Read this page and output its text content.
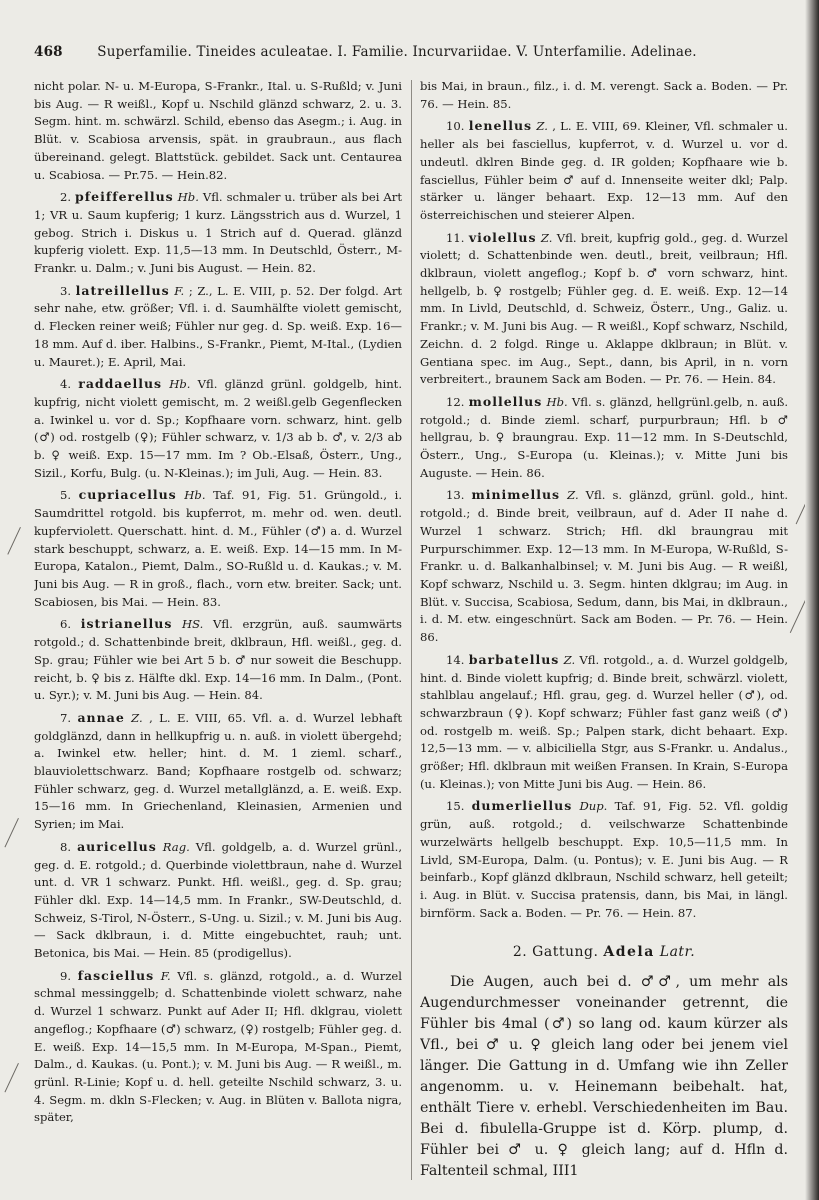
468	Superfamilie. Tineides aculeatae. I. Familie. Incurvariidae. V. Unterfamilie. Adelinae.

nicht polar. N- u. M-Europa, S-Frankr., Ital. u. S-Rußld; v. Juni bis Aug. — R weißl., Kopf u. Nschild glänzd schwarz, 2. u. 3. Segm. hint. m. schwärzl. Schild, ebenso das Asegm.; i. Aug. in Blüt. v. Scabiosa arvensis, spät. in graubraun., aus flach übereinand. gelegt. Blattstück. gebildet. Sack unt. Centaurea u. Scabiosa. — Pr.75. — Hein.82.

2. pfeifferellus Hb. Vfl. schmaler u. trüber als bei Art 1; VR u. Saum kupferig; 1 kurz. Längsstrich aus d. Wurzel, 1 gebog. Strich i. Diskus u. 1 Strich auf d. Querad. glänzd kupferig violett. Exp. 11,5—13 mm. In Deutschld, Österr., M-Frankr. u. Dalm.; v. Juni bis August. — Hein. 82.

3. latreillellus F. ; Z., L. E. VIII, p. 52. Der folgd. Art sehr nahe, etw. größer; Vfl. i. d. Saumhälfte violett gemischt, d. Flecken reiner weiß; Fühler nur geg. d. Sp. weiß. Exp. 16—18 mm. Auf d. iber. Halbins., S-Frankr., Piemt, M-Ital., (Lydien u. Mauret.); E. April, Mai.

4. raddaellus Hb. Vfl. glänzd grünl. goldgelb, hint. kupfrig, nicht violett gemischt, m. 2 weißl.gelb Gegenflecken a. Iwinkel u. vor d. Sp.; Kopfhaare vorn. schwarz, hint. gelb (♂) od. rostgelb (♀); Fühler schwarz, v. 1/3 ab b. ♂, v. 2/3 ab b. ♀ weiß. Exp. 15—17 mm. Im ? Ob.-Elsaß, Österr., Ung., Sizil., Korfu, Bulg. (u. N-Kleinas.); im Juli, Aug. — Hein. 83.

5. cupriacellus Hb. Taf. 91, Fig. 51. Grüngold., i. Saumdrittel rotgold. bis kupferrot, m. mehr od. wen. deutl. kupferviolett. Querschatt. hint. d. M., Fühler (♂) a. d. Wurzel stark beschuppt, schwarz, a. E. weiß. Exp. 14—15 mm. In M-Europa, Katalon., Piemt, Dalm., SO-Rußld u. d. Kaukas.; v. M. Juni bis Aug. — R in groß., flach., vorn etw. breiter. Sack; unt. Scabiosen, bis Mai. — Hein. 83.

6. istrianellus HS. Vfl. erzgrün, auß. saumwärts rotgold.; d. Schattenbinde breit, dklbraun, Hfl. weißl., geg. d. Sp. grau; Fühler wie bei Art 5 b. ♂ nur soweit die Beschupp. reicht, b. ♀ bis z. Hälfte dkl. Exp. 14—16 mm. In Dalm., (Pont. u. Syr.); v. M. Juni bis Aug. — Hein. 84.

7. annae Z. , L. E. VIII, 65. Vfl. a. d. Wurzel lebhaft goldglänzd, dann in hellkupfrig u. n. auß. in violett übergehd; a. Iwinkel etw. heller; hint. d. M. 1 zieml. scharf., blauviolettschwarz. Band; Kopfhaare rostgelb od. schwarz; Fühler schwarz, geg. d. Wurzel metallglänzd, a. E. weiß. Exp. 15—16 mm. In Griechenland, Kleinasien, Armenien und Syrien; im Mai.

8. auricellus Rag. Vfl. goldgelb, a. d. Wurzel grünl., geg. d. E. rotgold.; d. Querbinde violettbraun, nahe d. Wurzel unt. d. VR 1 schwarz. Punkt. Hfl. weißl., geg. d. Sp. grau; Fühler dkl. Exp. 14—14,5 mm. In Frankr., SW-Deutschld, d. Schweiz, S-Tirol, N-Österr., S-Ung. u. Sizil.; v. M. Juni bis Aug. — Sack dklbraun, i. d. Mitte eingebuchtet, rauh; unt. Betonica, bis Mai. — Hein. 85 (prodigellus).

9. fasciellus F. Vfl. s. glänzd, rotgold., a. d. Wurzel schmal messinggelb; d. Schattenbinde violett schwarz, nahe d. Wurzel 1 schwarz. Punkt auf Ader II; Hfl. dklgrau, violett angeflog.; Kopfhaare (♂) schwarz, (♀) rostgelb; Fühler geg. d. E. weiß. Exp. 14—15,5 mm. In M-Europa, M-Span., Piemt, Dalm., d. Kaukas. (u. Pont.); v. M. Juni bis Aug. — R weißl., m. grünl. R-Linie; Kopf u. d. hell. geteilte Nschild schwarz, 3. u. 4. Segm. m. dkln S-Flecken; v. Aug. in Blüten v. Ballota nigra, später,

bis Mai, in braun., filz., i. d. M. verengt. Sack a. Boden. — Pr. 76. — Hein. 85.

10. lenellus Z. , L. E. VIII, 69. Kleiner, Vfl. schmaler u. heller als bei fasciellus, kupferrot, v. d. Wurzel u. vor d. undeutl. dklren Binde geg. d. IR golden; Kopfhaare wie b. fasciellus, Fühler beim ♂ auf d. Innenseite weiter dkl; Palp. stärker u. länger behaart. Exp. 12—13 mm. Auf den österreichischen und steierer Alpen.

11. violellus Z. Vfl. breit, kupfrig gold., geg. d. Wurzel violett; d. Schattenbinde wen. deutl., breit, veilbraun; Hfl. dklbraun, violett angeflog.; Kopf b. ♂ vorn schwarz, hint. hellgelb, b. ♀ rostgelb; Fühler geg. d. E. weiß. Exp. 12—14 mm. In Livld, Deutschld, d. Schweiz, Österr., Ung., Galiz. u. Frankr.; v. M. Juni bis Aug. — R weißl., Kopf schwarz, Nschild, Zeichn. d. 2 folgd. Ringe u. Aklappe dklbraun; in Blüt. v. Gentiana spec. im Aug., Sept., dann, bis April, in n. vorn verbreitert., braunem Sack am Boden. — Pr. 76. — Hein. 84.

12. mollellus Hb. Vfl. s. glänzd, hellgrünl.gelb, n. auß. rotgold.; d. Binde zieml. scharf, purpurbraun; Hfl. b ♂ hellgrau, b. ♀ braungrau. Exp. 11—12 mm. In S-Deutschld, Österr., Ung., S-Europa (u. Kleinas.); v. Mitte Juni bis Auguste. — Hein. 86.

13. minimellus Z. Vfl. s. glänzd, grünl. gold., hint. rotgold.; d. Binde breit, veilbraun, auf d. Ader II nahe d. Wurzel 1 schwarz. Strich; Hfl. dkl braungrau mit Purpurschimmer. Exp. 12—13 mm. In M-Europa, W-Rußld, S-Frankr. u. d. Balkanhalbinsel; v. M. Juni bis Aug. — R weißl, Kopf schwarz, Nschild u. 3. Segm. hinten dklgrau; im Aug. in Blüt. v. Succisa, Scabiosa, Sedum, dann, bis Mai, in dklbraun., i. d. M. etw. eingeschnürt. Sack am Boden. — Pr. 76. — Hein. 86.

14. barbatellus Z. Vfl. rotgold., a. d. Wurzel goldgelb, hint. d. Binde violett kupfrig; d. Binde breit, schwärzl. violett, stahlblau angelauf.; Hfl. grau, geg. d. Wurzel heller (♂), od. schwarzbraun (♀). Kopf schwarz; Fühler fast ganz weiß (♂) od. rostgelb m. weiß. Sp.; Palpen stark, dicht behaart. Exp. 12,5—13 mm. — v. albiciliella Stgr, aus S-Frankr. u. Andalus., größer; Hfl. dklbraun mit weißen Fransen. In Krain, S-Europa (u. Kleinas.); von Mitte Juni bis Aug. — Hein. 86.

15. dumerliellus Dup. Taf. 91, Fig. 52. Vfl. goldig grün, auß. rotgold.; d. veilschwarze Schattenbinde wurzelwärts hellgelb beschuppt. Exp. 10,5—11,5 mm. In Livld, SM-Europa, Dalm. (u. Pontus); v. E. Juni bis Aug. — R beinfarb., Kopf glänzd dklbraun, Nschild schwarz, hell geteilt; i. Aug. in Blüt. v. Succisa pratensis, dann, bis Mai, in längl. birnförm. Sack a. Boden. — Pr. 76. — Hein. 87.

2. Gattung. Adela Latr.

Die Augen, auch bei d. ♂♂, um mehr als Augendurchmesser voneinander getrennt, die Fühler bis 4mal (♂) so lang od. kaum kürzer als Vfl., bei ♂ u. ♀ gleich lang oder bei jenem viel länger. Die Gattung in d. Umfang wie ihn Zeller angenomm. u. v. Heinemann beibehalt. hat, enthält Tiere v. erhebl. Verschiedenheiten im Bau. Bei d. fibulella-Gruppe ist d. Körp. plump, d. Fühler bei ♂ u. ♀ gleich lang; auf d. Hfln d. Faltenteil schmal, III1
